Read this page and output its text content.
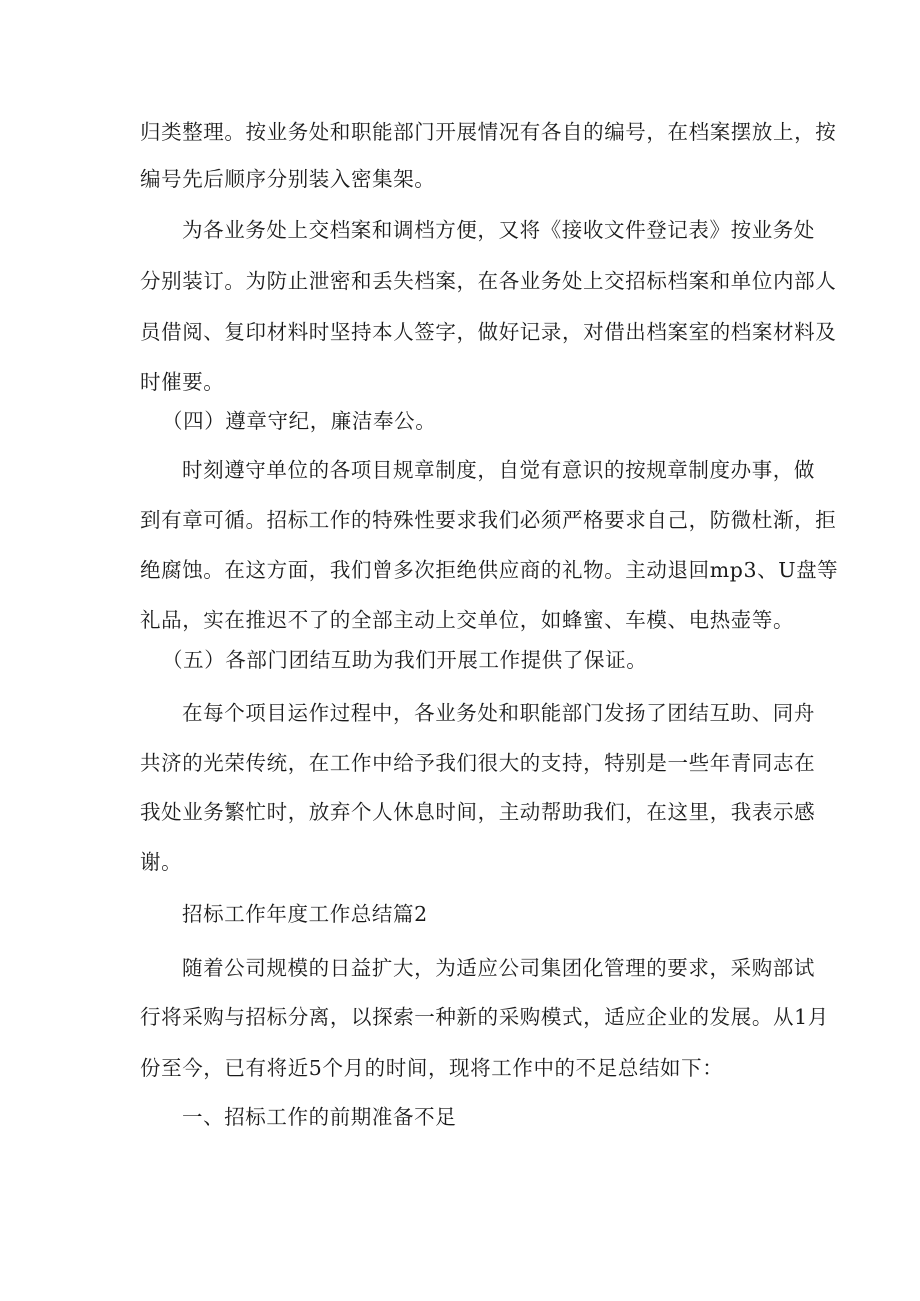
归类整理。按业务处和职能部门开展情况有各自的编号，在档案摆放上，按
编号先后顺序分别装入密集架。
为各业务处上交档案和调档方便，又将《接收文件登记表》按业务处
分别装订。为防止泄密和丢失档案，在各业务处上交招标档案和单位内部人
员借阅、复印材料时坚持本人签字，做好记录，对借出档案室的档案材料及
时催要。
（四）遵章守纪，廉洁奉公。
时刻遵守单位的各项目规章制度，自觉有意识的按规章制度办事，做
到有章可循。招标工作的特殊性要求我们必须严格要求自己，防微杜渐，拒
绝腐蚀。在这方面，我们曾多次拒绝供应商的礼物。主动退回mp3、U盘等
礼品，实在推迟不了的全部主动上交单位，如蜂蜜、车模、电热壶等。
（五）各部门团结互助为我们开展工作提供了保证。
在每个项目运作过程中，各业务处和职能部门发扬了团结互助、同舟
共济的光荣传统，在工作中给予我们很大的支持，特别是一些年青同志在
我处业务繁忙时，放弃个人休息时间，主动帮助我们，在这里，我表示感
谢。
招标工作年度工作总结篇2
随着公司规模的日益扩大，为适应公司集团化管理的要求，采购部试
行将采购与招标分离，以探索一种新的采购模式，适应企业的发展。从1月
份至今，已有将近5个月的时间，现将工作中的不足总结如下：
一、招标工作的前期准备不足
